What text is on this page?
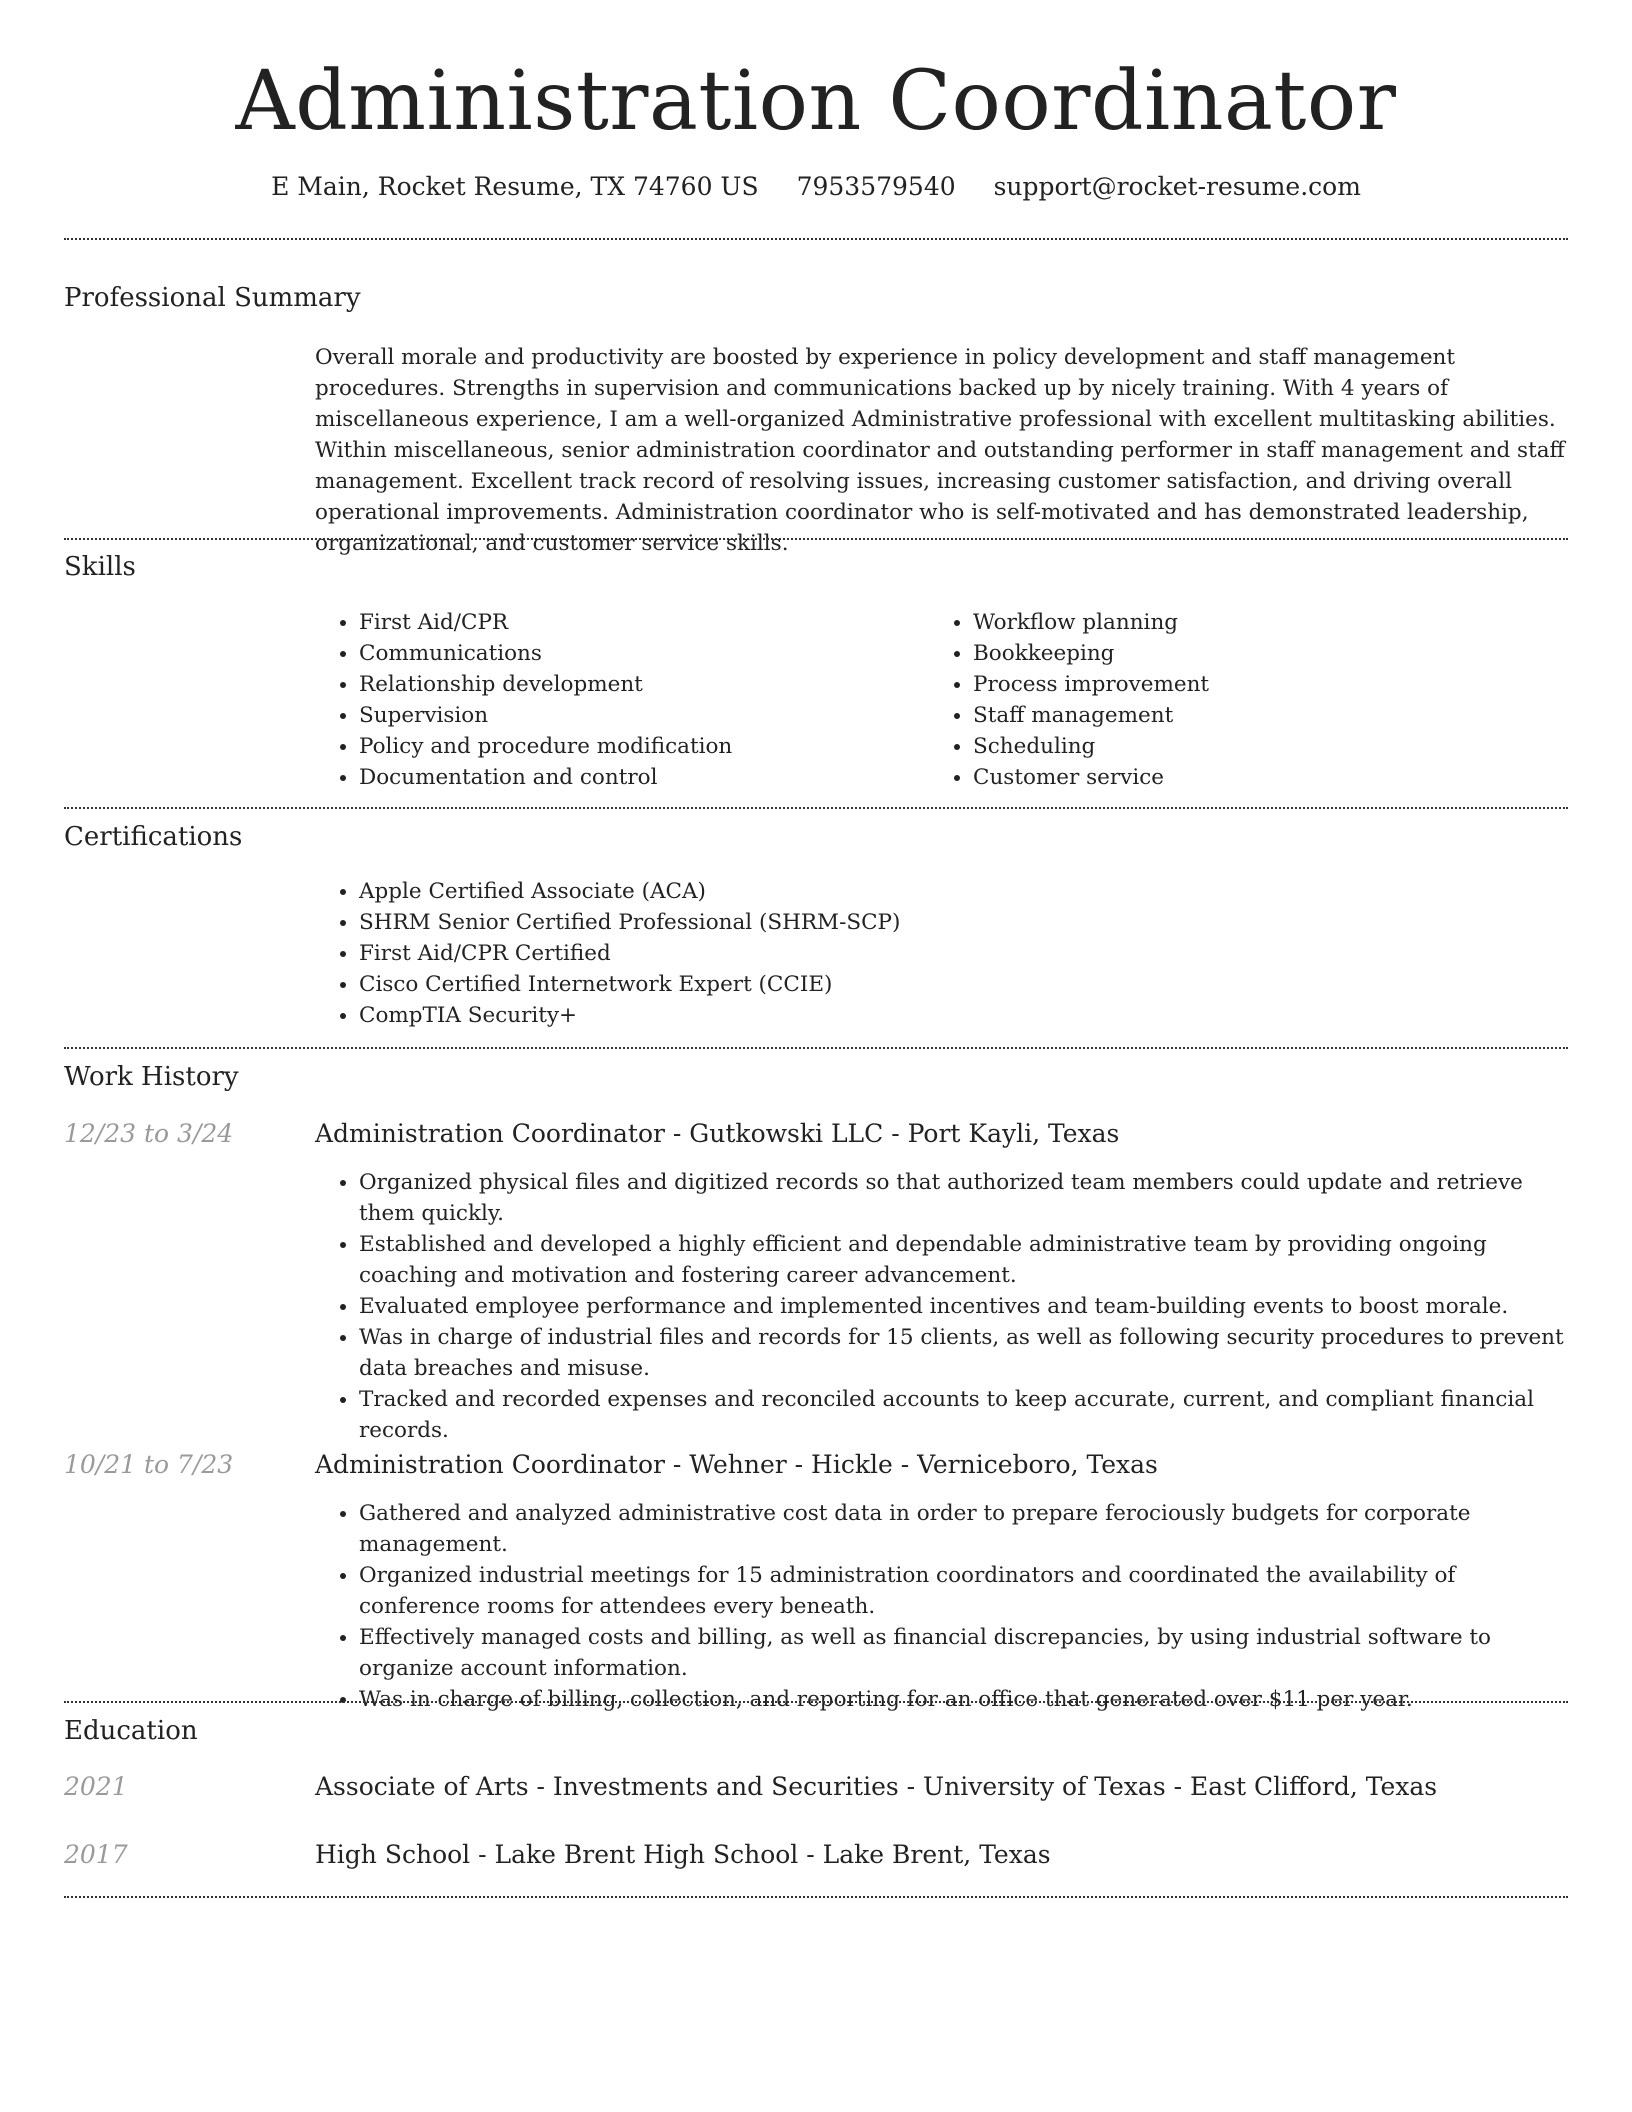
Administration Coordinator
E Main, Rocket Resume, TX 74760 US 7953579540 support@rocket-resume.com
Professional Summary
Overall morale and productivity are boosted by experience in policy development and staff management procedures. Strengths in supervision and communications backed up by nicely training. With 4 years of miscellaneous experience, I am a well-organized Administrative professional with excellent multitasking abilities. Within miscellaneous, senior administration coordinator and outstanding performer in staff management and staff management. Excellent track record of resolving issues, increasing customer satisfaction, and driving overall operational improvements. Administration coordinator who is self-motivated and has demonstrated leadership, organizational, and customer service skills.
Skills
• First Aid/CPR
• Communications
• Relationship development
• Supervision
• Policy and procedure modification
• Documentation and control
• Workflow planning
• Bookkeeping
• Process improvement
• Staff management
• Scheduling
• Customer service
Certifications
• Apple Certified Associate (ACA)
• SHRM Senior Certified Professional (SHRM-SCP)
• First Aid/CPR Certified
• Cisco Certified Internetwork Expert (CCIE)
• CompTIA Security+
Work History
12/23 to 3/24	Administration Coordinator - Gutkowski LLC - Port Kayli, Texas
• Organized physical files and digitized records so that authorized team members could update and retrieve them quickly.
• Established and developed a highly efficient and dependable administrative team by providing ongoing coaching and motivation and fostering career advancement.
• Evaluated employee performance and implemented incentives and team-building events to boost morale.
• Was in charge of industrial files and records for 15 clients, as well as following security procedures to prevent data breaches and misuse.
• Tracked and recorded expenses and reconciled accounts to keep accurate, current, and compliant financial records.
10/21 to 7/23	Administration Coordinator - Wehner - Hickle - Verniceboro, Texas
• Gathered and analyzed administrative cost data in order to prepare ferociously budgets for corporate management.
• Organized industrial meetings for 15 administration coordinators and coordinated the availability of conference rooms for attendees every beneath.
• Effectively managed costs and billing, as well as financial discrepancies, by using industrial software to organize account information.
• Was in charge of billing, collection, and reporting for an office that generated over $11 per year.
Education
2021	Associate of Arts - Investments and Securities - University of Texas - East Clifford, Texas
2017	High School - Lake Brent High School - Lake Brent, Texas
